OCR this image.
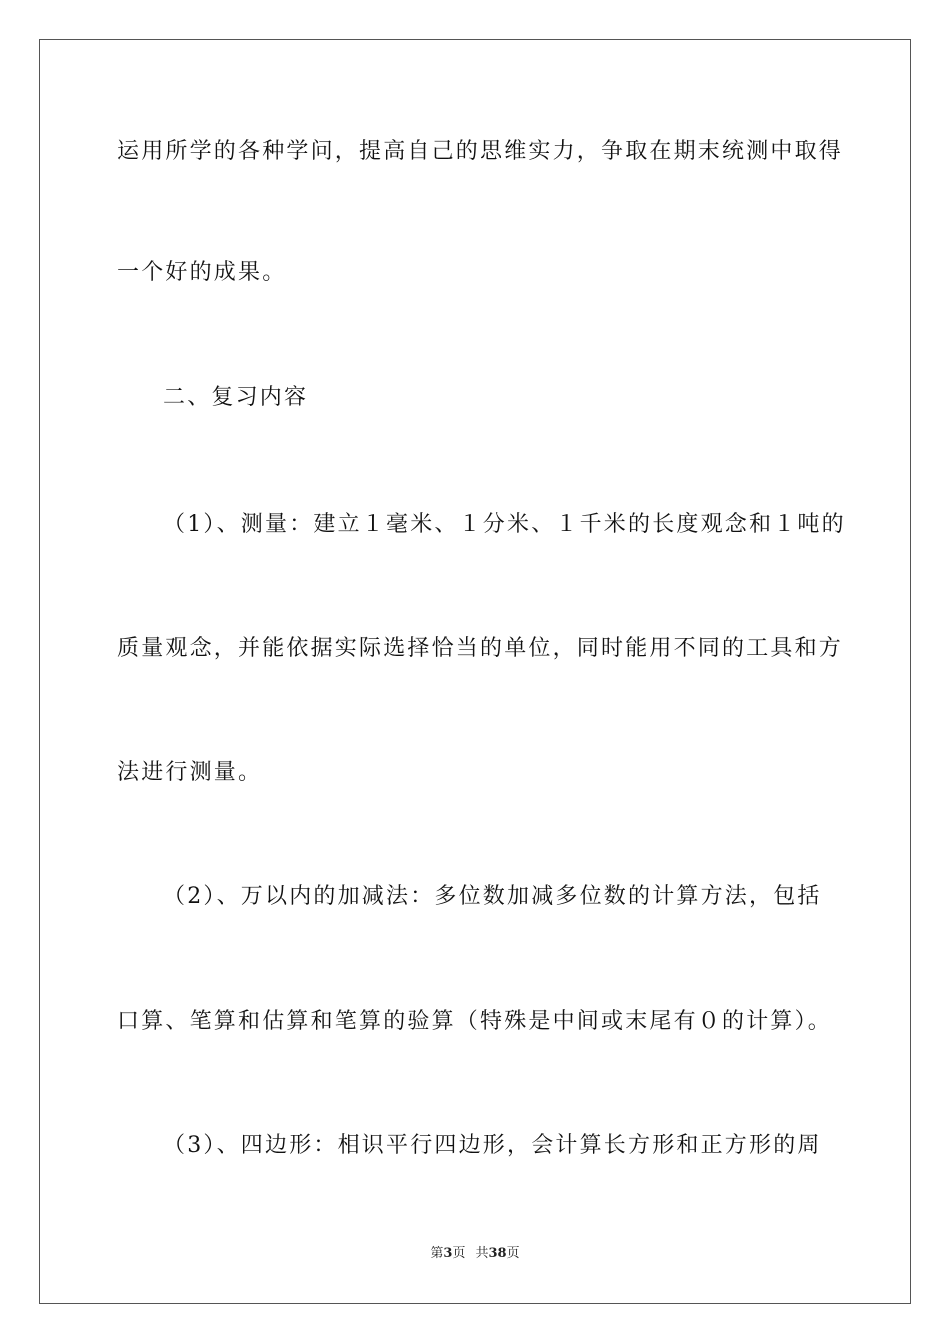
运用所学的各种学问，提高自己的思维实力，争取在期末统测中取得
一个好的成果。
二、复习内容
（1）、测量：建立１毫米、１分米、１千米的长度观念和１吨的
质量观念，并能依据实际选择恰当的单位，同时能用不同的工具和方
法进行测量。
（2）、万以内的加减法：多位数加减多位数的计算方法，包括
口算、笔算和估算和笔算的验算（特殊是中间或末尾有０的计算）。
（3）、四边形：相识平行四边形，会计算长方形和正方形的周
第3页 共38页
